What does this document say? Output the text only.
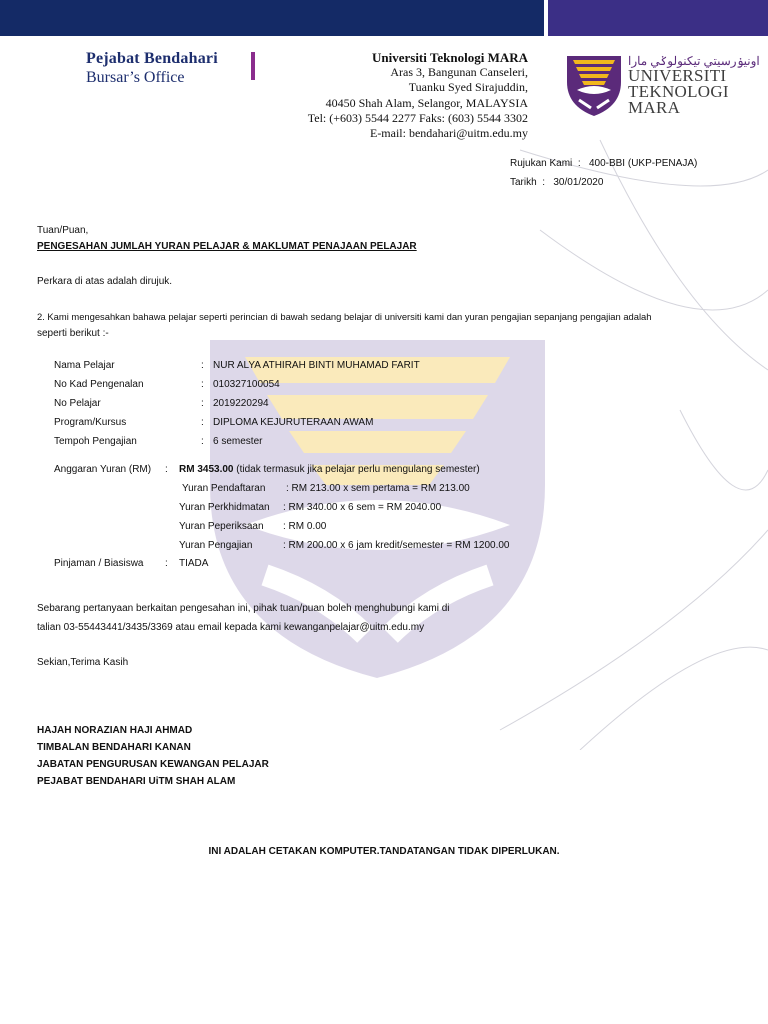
Pejabat Bendahari
Bursar’s Office
Universiti Teknologi MARA
Aras 3, Bangunan Canseleri,
Tuanku Syed Sirajuddin,
40450 Shah Alam, Selangor, MALAYSIA
Tel: (+603) 5544 2277 Faks: (603) 5544 3302
E-mail: bendahari@uitm.edu.my
اونيۏرسيتي تيكنولوݢي مارا
UNIVERSITI
TEKNOLOGI
MARA
Rujukan Kami  :   400-BBI (UKP-PENAJA)
Tarikh  :   30/01/2020
Tuan/Puan,
PENGESAHAN JUMLAH YURAN PELAJAR & MAKLUMAT PENAJAAN PELAJAR
Perkara di atas adalah dirujuk.
2. Kami mengesahkan bahawa pelajar seperti perincian di bawah sedang belajar di universiti kami dan yuran pengajian sepanjang pengajian adalah
seperti berikut :-
Nama Pelajar	: NUR ALYA ATHIRAH BINTI MUHAMAD FARIT
No Kad Pengenalan	: 010327100054
No Pelajar	: 2019220294
Program/Kursus	: DIPLOMA KEJURUTERAAN AWAM
Tempoh Pengajian	: 6 semester
Anggaran Yuran (RM) : RM 3453.00 (tidak termasuk jika pelajar perlu mengulang semester)
Yuran Pendaftaran : RM 213.00 x sem pertama = RM 213.00
Yuran Perkhidmatan : RM 340.00 x 6 sem = RM 2040.00
Yuran Peperiksaan : RM 0.00
Yuran Pengajian	: RM 200.00 x 6 jam kredit/semester = RM 1200.00
Pinjaman / Biasiswa : TIADA
Sebarang pertanyaan berkaitan pengesahan ini, pihak tuan/puan boleh menghubungi kami di
talian 03-55443441/3435/3369 atau email kepada kami kewanganpelajar@uitm.edu.my
Sekian,Terima Kasih
HAJAH NORAZIAN HAJI AHMAD
TIMBALAN BENDAHARI KANAN
JABATAN PENGURUSAN KEWANGAN PELAJAR
PEJABAT BENDAHARI UiTM SHAH ALAM
INI ADALAH CETAKAN KOMPUTER.TANDATANGAN TIDAK DIPERLUKAN.
